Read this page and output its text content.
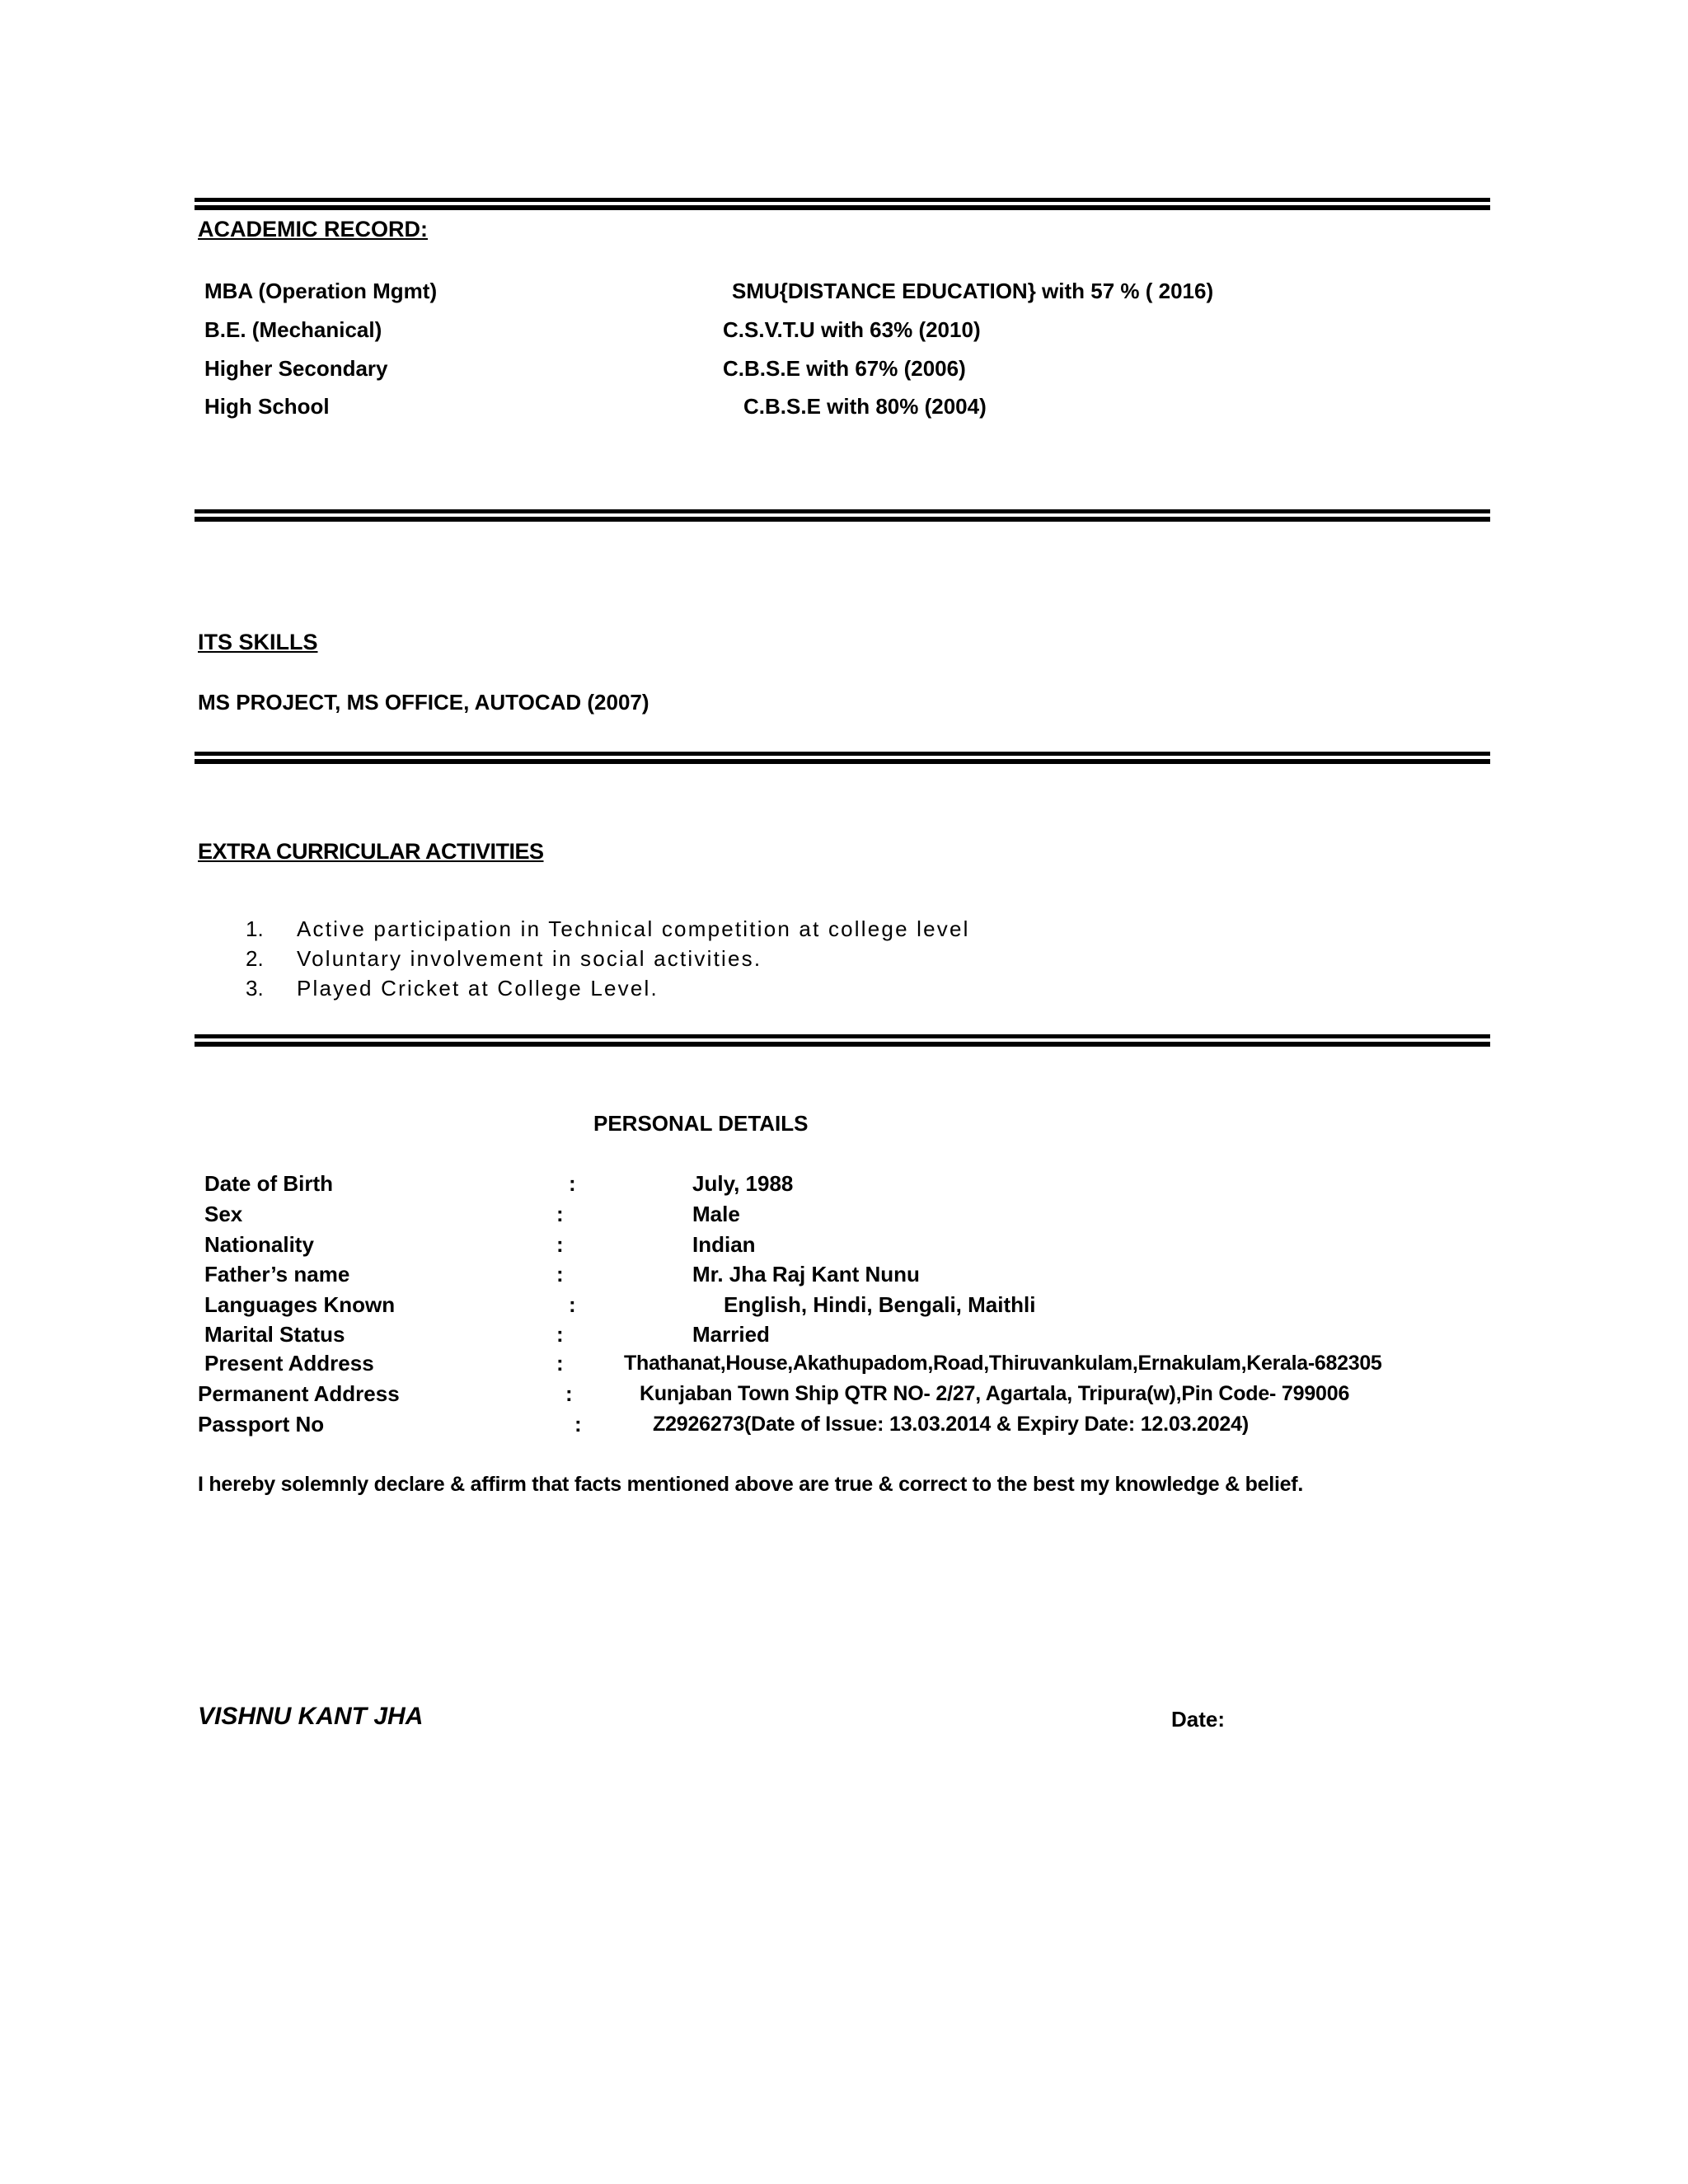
ACADEMIC RECORD:
MBA (Operation Mgmt)	SMU{DISTANCE EDUCATION} with 57 % ( 2016)
B.E. (Mechanical)	C.S.V.T.U with 63% (2010)
Higher Secondary	C.B.S.E with 67% (2006)
High School	C.B.S.E with 80% (2004)
ITS SKILLS
MS PROJECT, MS OFFICE, AUTOCAD (2007)
EXTRA CURRICULAR ACTIVITIES
1. Active participation in Technical competition at college level
2. Voluntary involvement in social activities.
3. Played Cricket at College Level.
PERSONAL DETAILS
Date of Birth	:	July, 1988
Sex	:	Male
Nationality	:	Indian
Father’s name	:	Mr. Jha Raj Kant Nunu
Languages Known	:	English, Hindi, Bengali, Maithli
Marital Status	:	Married
Present Address	:	Thathanat,House,Akathupadom,Road,Thiruvankulam,Ernakulam,Kerala-682305
Permanent Address	:	Kunjaban Town Ship QTR NO- 2/27, Agartala, Tripura(w),Pin Code- 799006
Passport No	:	Z2926273(Date of Issue: 13.03.2014 & Expiry Date: 12.03.2024)
I hereby solemnly declare & affirm that facts mentioned above are true & correct to the best my knowledge & belief.
VISHNU KANT JHA	Date:
